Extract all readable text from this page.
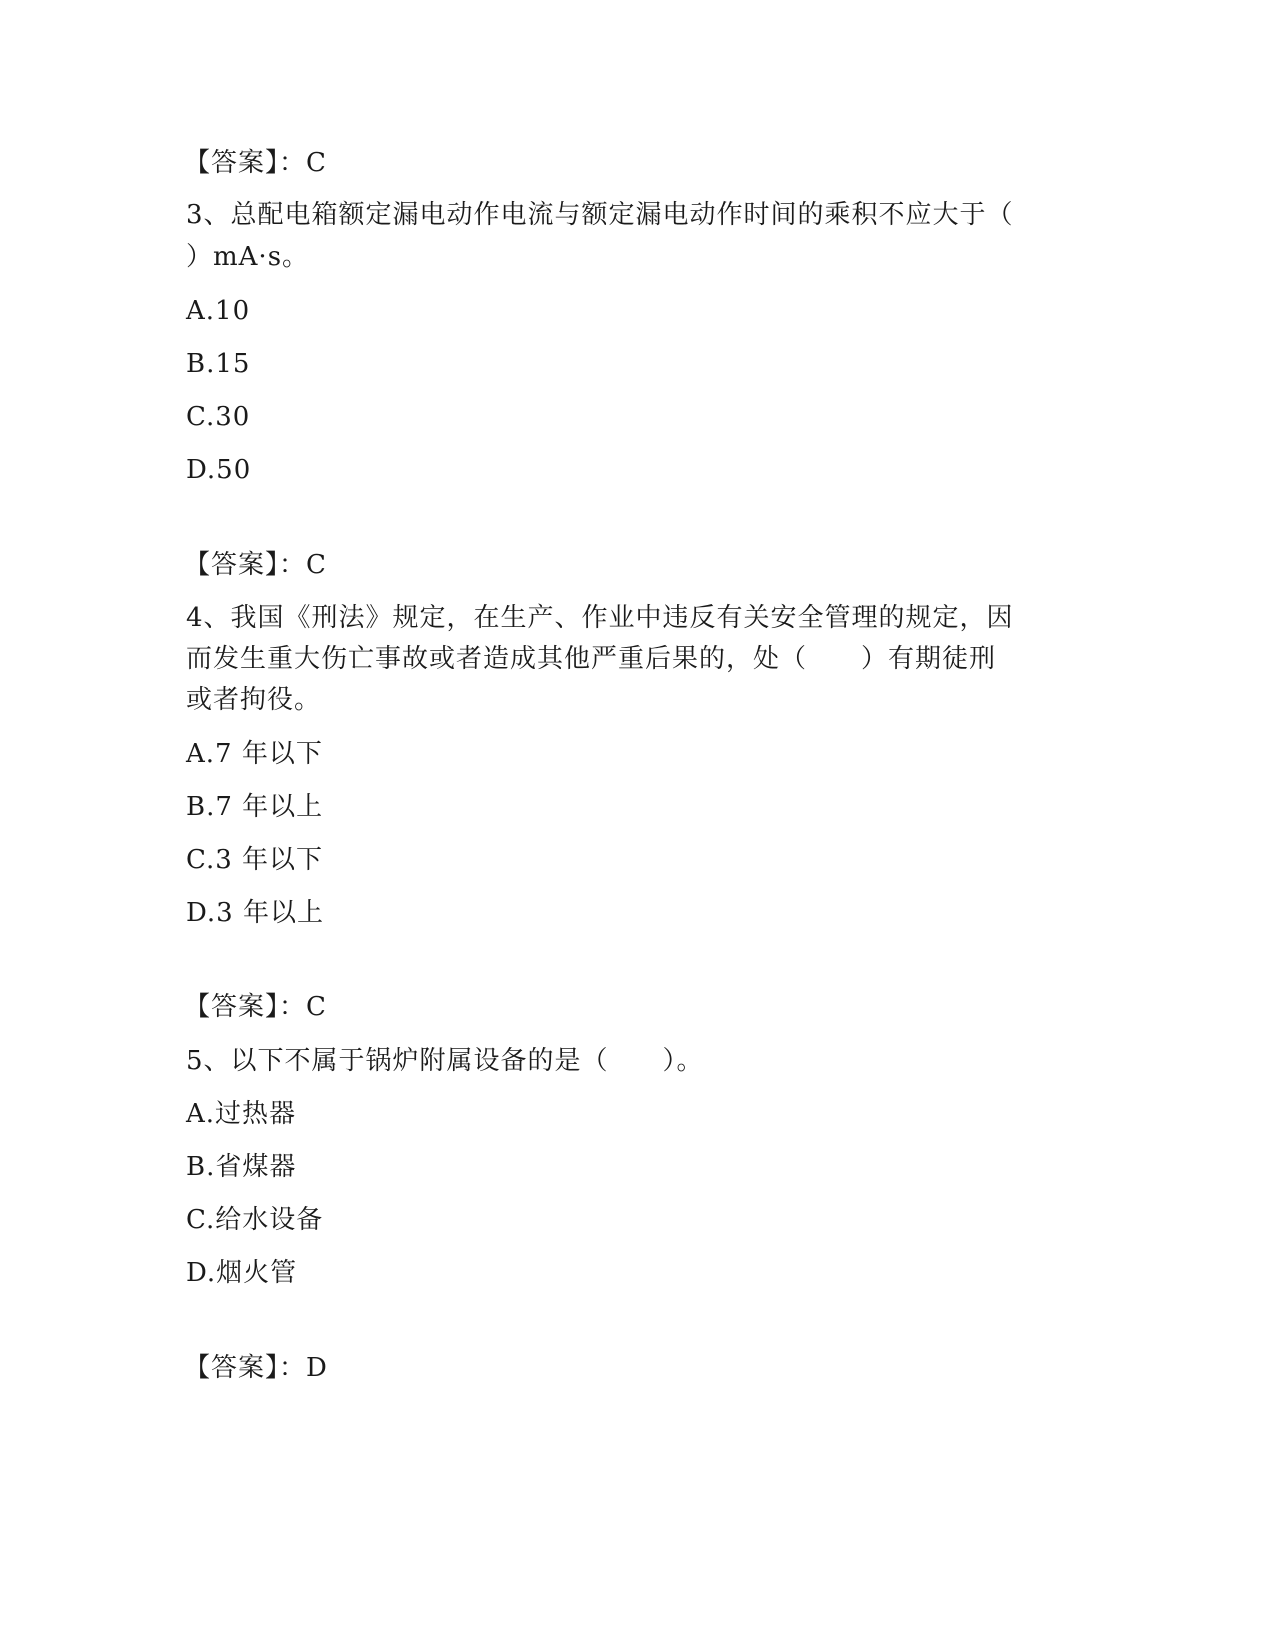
【答案】：C
3、总配电箱额定漏电动作电流与额定漏电动作时间的乘积不应大于（
）mA·s。
A.10
B.15
C.30
D.50
【答案】：C
4、我国《刑法》规定，在生产、作业中违反有关安全管理的规定，因
而发生重大伤亡事故或者造成其他严重后果的，处（　　）有期徒刑
或者拘役。
A.7 年以下
B.7 年以上
C.3 年以下
D.3 年以上
【答案】：C
5、以下不属于锅炉附属设备的是（　　）。
A.过热器
B.省煤器
C.给水设备
D.烟火管
【答案】：D
